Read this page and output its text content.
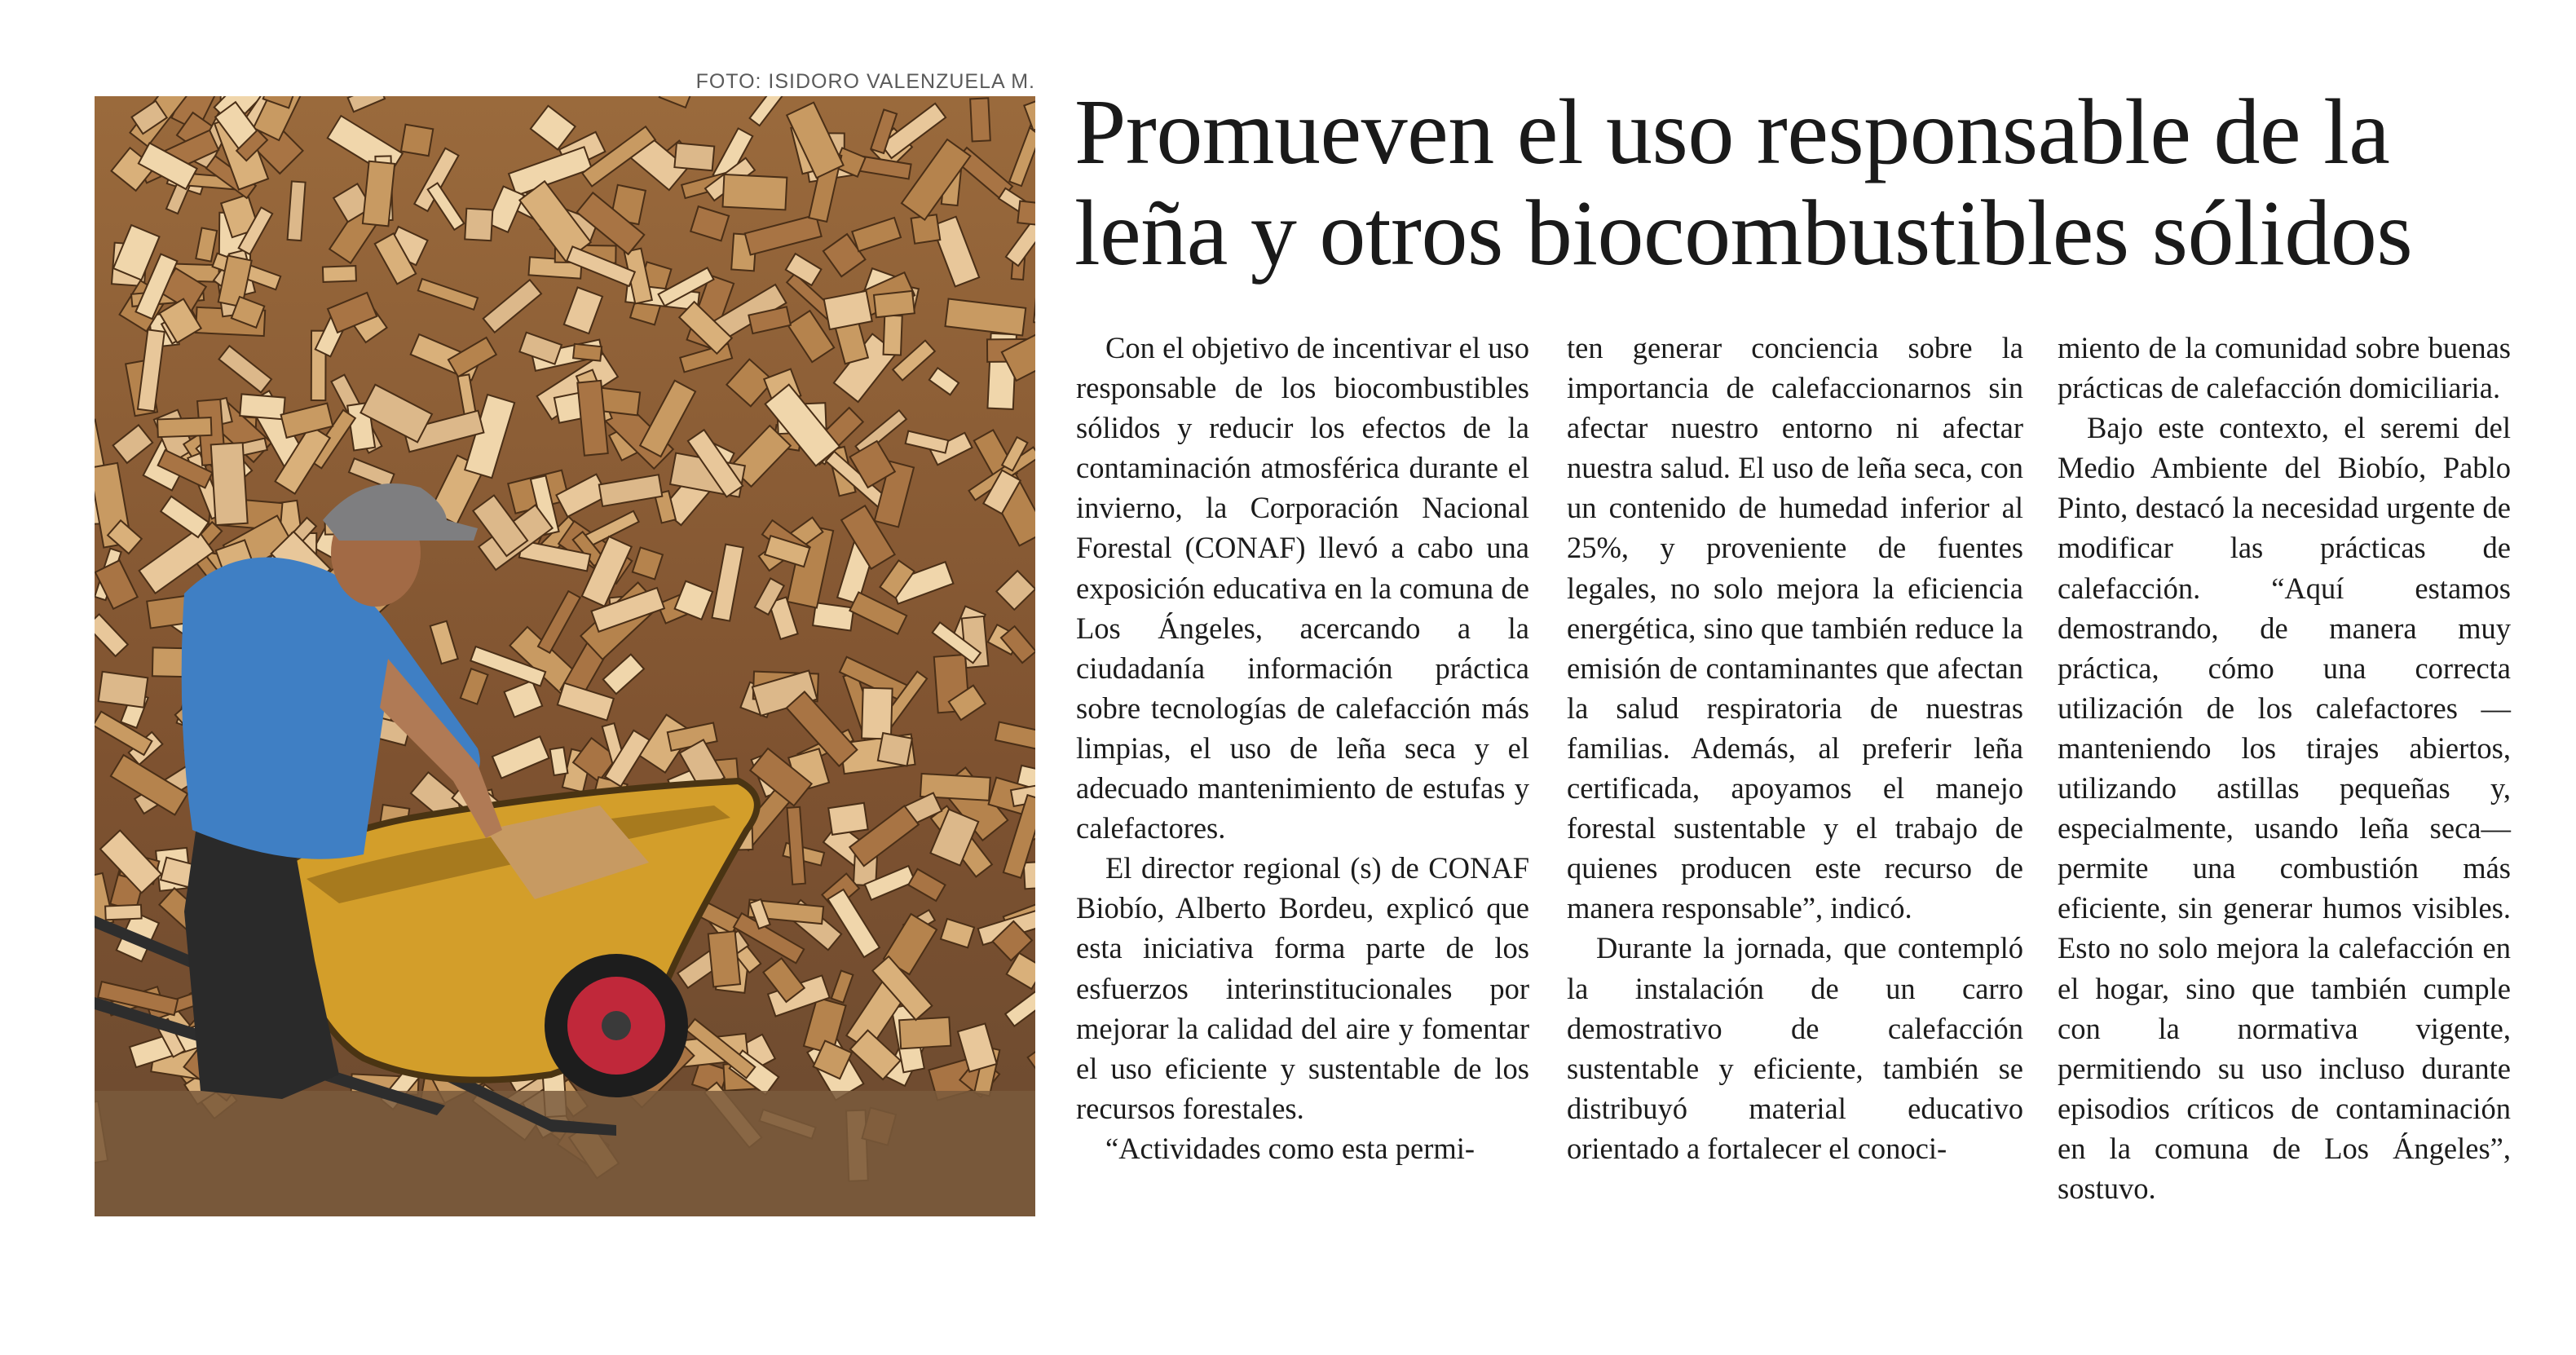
FOTO: ISIDORO VALENZUELA M. Promueven el uso responsable de la
leña y otros biocombustibles sólidos

Con el objetivo de incentivar el uso responsable de los biocombustibles sólidos y reducir los efectos de la contaminación atmosférica durante el invierno, la Corporación Nacional Forestal (CONAF) llevó a cabo una exposición educativa en la comuna de Los Ángeles, acercando a la ciudadanía información práctica sobre tecnologías de calefacción más limpias, el uso de leña seca y el adecuado mantenimiento de estufas y calefactores.

El director regional (s) de CONAF Biobío, Alberto Bordeu, explicó que esta iniciativa forma parte de los esfuerzos interinstitucionales por mejorar la calidad del aire y fomentar el uso eficiente y sustentable de los recursos forestales.

“Actividades como esta permi-

ten generar conciencia sobre la importancia de calefaccionarnos sin afectar nuestro entorno ni afectar nuestra salud. El uso de leña seca, con un contenido de humedad inferior al 25%, y proveniente de fuentes legales, no solo mejora la eficiencia energética, sino que también reduce la emisión de contaminantes que afectan la salud respiratoria de nuestras familias. Además, al preferir leña certificada, apoyamos el manejo forestal sustentable y el trabajo de quienes producen este recurso de manera responsable”, indicó.

Durante la jornada, que contempló la instalación de un carro demostrativo de calefacción sustentable y eficiente, también se distribuyó material educativo orientado a fortalecer el conoci-

miento de la comunidad sobre buenas prácticas de calefacción domiciliaria.

Bajo este contexto, el seremi del Medio Ambiente del Biobío, Pablo Pinto, destacó la necesidad urgente de modificar las prácticas de calefacción. “Aquí estamos demostrando, de manera muy práctica, cómo una correcta utilización de los calefactores —manteniendo los tirajes abiertos, utilizando astillas pequeñas y, especialmente, usando leña seca— permite una combustión más eficiente, sin generar humos visibles. Esto no solo mejora la calefacción en el hogar, sino que también cumple con la normativa vigente, permitiendo su uso incluso durante episodios críticos de contaminación en la comuna de Los Ángeles”, sostuvo.
